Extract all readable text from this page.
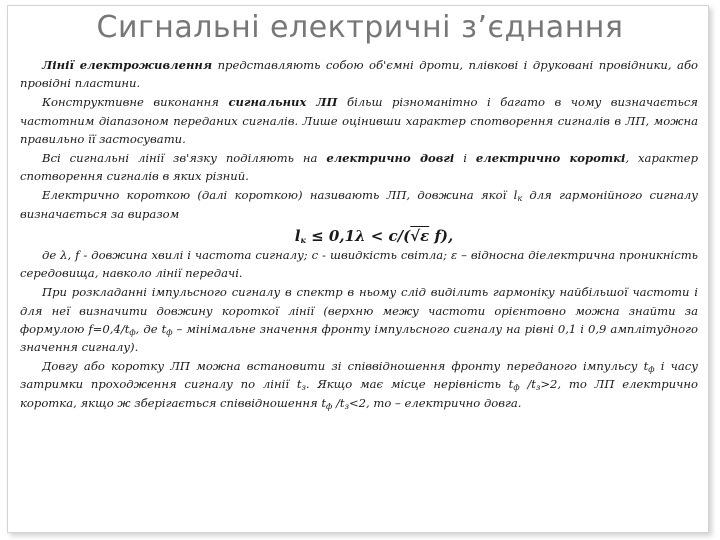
Сигнальні електричні з’єднання

Лінії електроживлення представляють собою об'ємні дроти, плівкові і друковані провідники, або провідні пластини.

Конструктивне виконання сигнальних ЛП більш різноманітно і багато в чому визначається частотним діапазоном переданих сигналів. Лише оцінивши характер спотворення сигналів в ЛП, можна правильно її застосувати.

Всі сигнальні лінії зв'язку поділяють на електрично довгі і електрично короткі, характер спотворення сигналів в яких різний.

Електрично короткою (далі короткою) називають ЛП, довжина якої $l_к$ для гармонійного сигналу визначається за виразом

$l_к \le 0,1\lambda < c/(√\varepsilon$ f),

де λ, f - довжина хвилі і частота сигналу; с - швидкість світла; ε – відносна діелектрична проникність середовища, навколо лінії передачі.

При розкладанні імпульсного сигналу в спектр в ньому слід виділить гармоніку найбільшої частоти і для неї визначити довжину короткої лінії (верхню межу частоти орієнтовно можна знайти за формулою $f=0,4/t_ф$, де $t_ф$ – мінімальне значення фронту імпульсного сигналу на рівні 0,1 і 0,9 амплітудного значення сигналу).

Довгу або коротку ЛП можна встановити зі співвідношення фронту переданого імпульсу $t_ф$ і часу затримки проходження сигналу по лінії $t_з$. Якщо має місце нерівність $t_ф$ $/t_з>2$, то ЛП електрично коротка, якщо ж зберігається співвідношення $t_ф$ $/t_з<2$, то – електрично довга.
